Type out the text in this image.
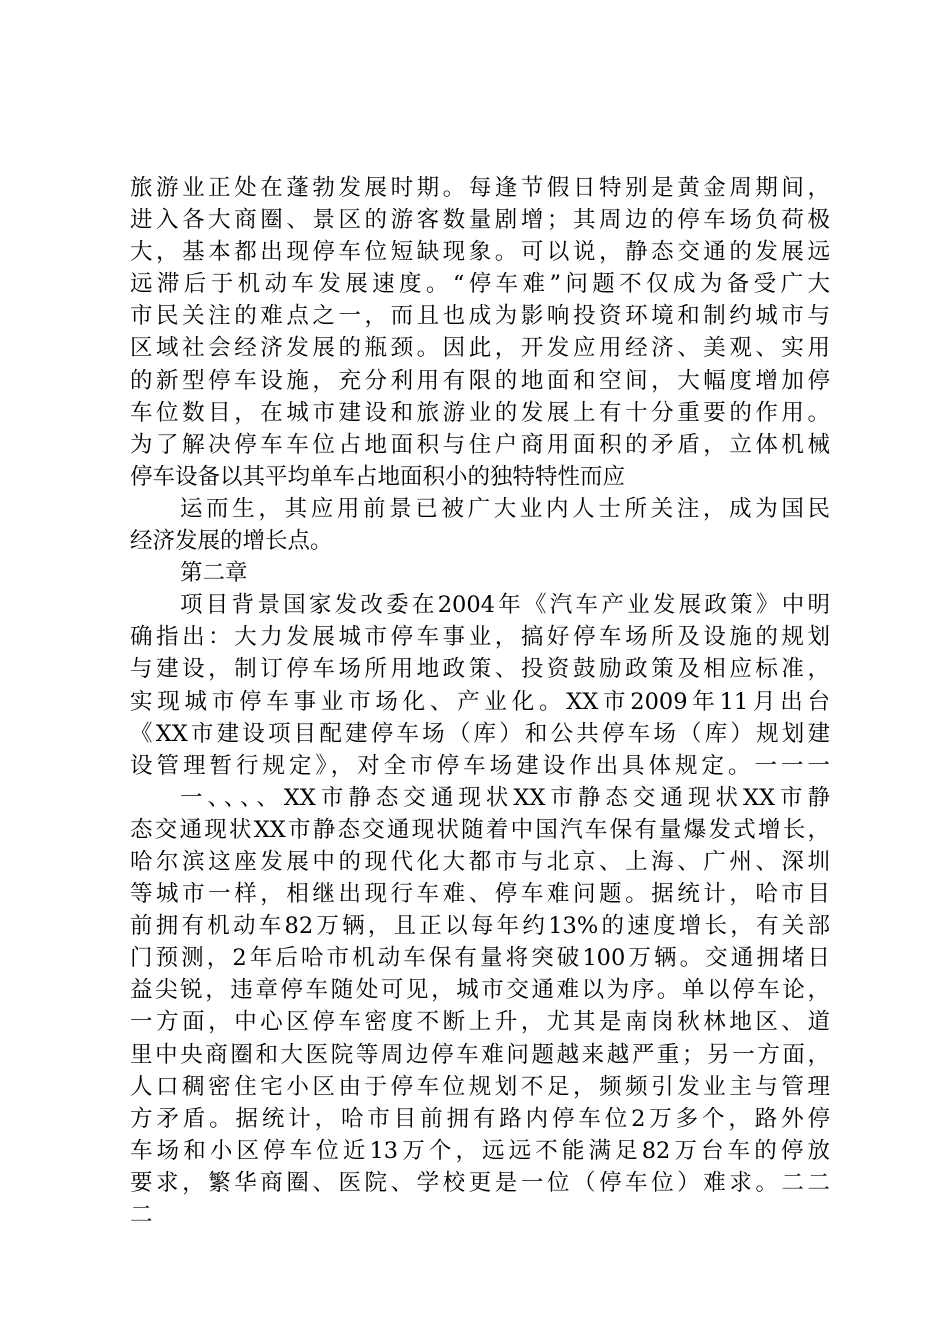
旅游业正处在蓬勃发展时期。每逢节假日特别是黄金周期间，
进入各大商圈、景区的游客数量剧增；其周边的停车场负荷极
大，基本都出现停车位短缺现象。可以说，静态交通的发展远
远滞后于机动车发展速度。“停车难”问题不仅成为备受广大
市民关注的难点之一，而且也成为影响投资环境和制约城市与
区域社会经济发展的瓶颈。因此，开发应用经济、美观、实用
的新型停车设施，充分利用有限的地面和空间，大幅度增加停
车位数目，在城市建设和旅游业的发展上有十分重要的作用。
为了解决停车车位占地面积与住户商用面积的矛盾，立体机械
停车设备以其平均单车占地面积小的独特特性而应
运而生，其应用前景已被广大业内人士所关注，成为国民
经济发展的增长点。
第二章
项目背景国家发改委在2004年《汽车产业发展政策》中明
确指出：大力发展城市停车事业，搞好停车场所及设施的规划
与建设，制订停车场所用地政策、投资鼓励政策及相应标准，
实现城市停车事业市场化、产业化。XX市2009年11月出台
《XX市建设项目配建停车场（库）和公共停车场（库）规划建
设管理暂行规定》，对全市停车场建设作出具体规定。一一一
一、、、、XX市静态交通现状XX市静态交通现状XX市静
态交通现状XX市静态交通现状随着中国汽车保有量爆发式增长，
哈尔滨这座发展中的现代化大都市与北京、上海、广州、深圳
等城市一样，相继出现行车难、停车难问题。据统计，哈市目
前拥有机动车82万辆，且正以每年约13%的速度增长，有关部
门预测，2年后哈市机动车保有量将突破100万辆。交通拥堵日
益尖锐，违章停车随处可见，城市交通难以为序。单以停车论，
一方面，中心区停车密度不断上升，尤其是南岗秋林地区、道
里中央商圈和大医院等周边停车难问题越来越严重；另一方面，
人口稠密住宅小区由于停车位规划不足，频频引发业主与管理
方矛盾。据统计，哈市目前拥有路内停车位2万多个，路外停
车场和小区停车位近13万个，远远不能满足82万台车的停放
要求，繁华商圈、医院、学校更是一位（停车位）难求。二二
二
